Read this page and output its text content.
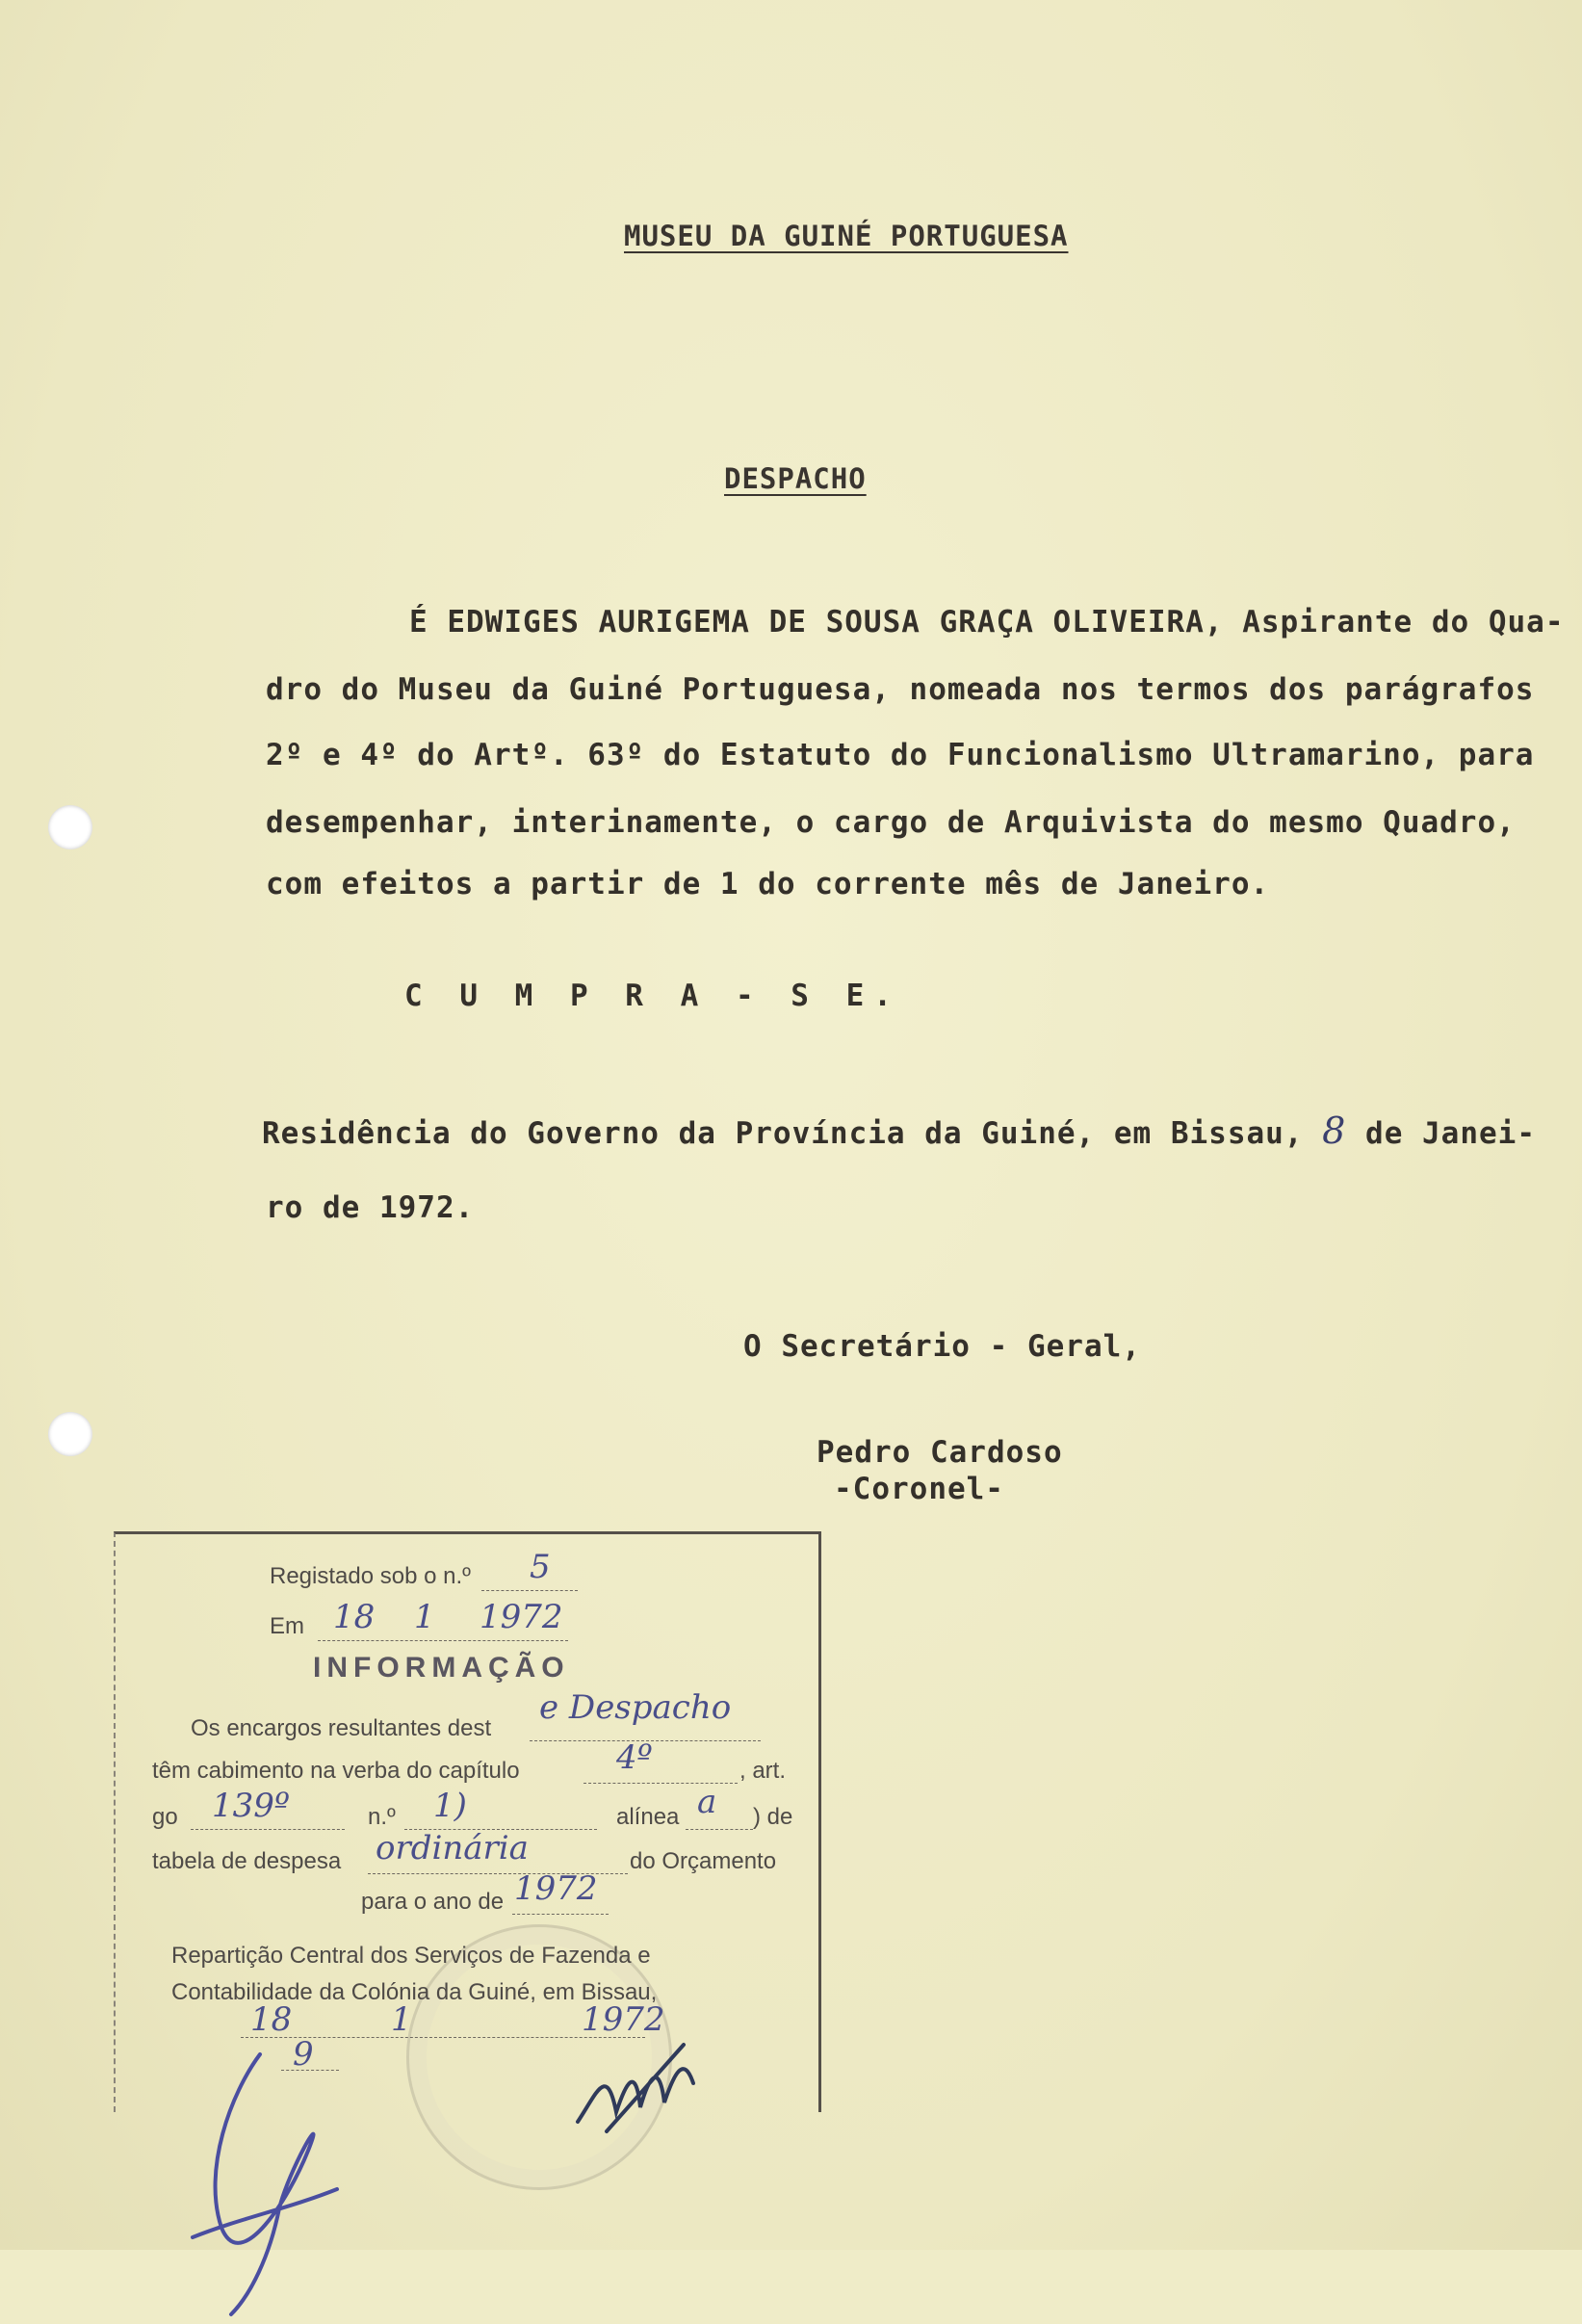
MUSEU DA GUINÉ PORTUGUESA
DESPACHO
É EDWIGES AURIGEMA DE SOUSA GRAÇA OLIVEIRA, Aspirante do Qua-
dro do Museu da Guiné Portuguesa, nomeada nos termos dos parágrafos
2º e 4º do Artº. 63º do Estatuto do Funcionalismo Ultramarino, para
desempenhar, interinamente, o cargo de Arquivista do mesmo Quadro,
com efeitos a partir de 1 do corrente mês de Janeiro.
C U M P R A - S E.
Residência do Governo da Província da Guiné, em Bissau, 8 de Janei-
ro de 1972.
O Secretário - Geral,
Pedro Cardoso
-Coronel-
Registado sob o n.º 5
Em 18 1 1972
INFORMAÇÃO
Os encargos resultantes dest
e Despacho
têm cabimento na verba do capítulo	4º	, art.
go 139º	n.º 1)	alínea a ) de
tabela de despesa ordinária	do Orçamento
para o ano de 1972
Repartição Central dos Serviços de Fazenda e
Contabilidade da Colónia da Guiné, em Bissau,
18	1	1972
9
